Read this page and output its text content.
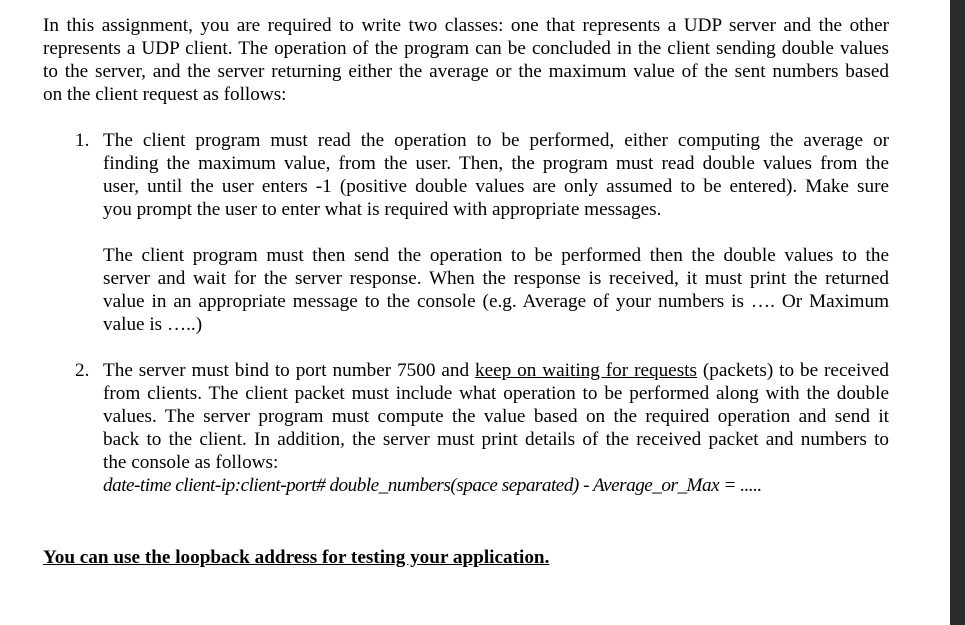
In this assignment, you are required to write two classes: one that represents a UDP server and the other
represents a UDP client. The operation of the program can be concluded in the client sending double values
to the server, and the server returning either the average or the maximum value of the sent numbers based
on the client request as follows:
1. The client program must read the operation to be performed, either computing the average or
finding the maximum value, from the user. Then, the program must read double values from the
user, until the user enters -1 (positive double values are only assumed to be entered). Make sure
you prompt the user to enter what is required with appropriate messages.
The client program must then send the operation to be performed then the double values to the
server and wait for the server response. When the response is received, it must print the returned
value in an appropriate message to the console (e.g. Average of your numbers is …. Or Maximum
value is …..)
2. The server must bind to port number 7500 and keep on waiting for requests (packets) to be received
from clients. The client packet must include what operation to be performed along with the double
values. The server program must compute the value based on the required operation and send it
back to the client. In addition, the server must print details of the received packet and numbers to
the console as follows:
date-time client-ip:client-port# double_numbers(space separated) - Average_or_Max = .....
You can use the loopback address for testing your application.
